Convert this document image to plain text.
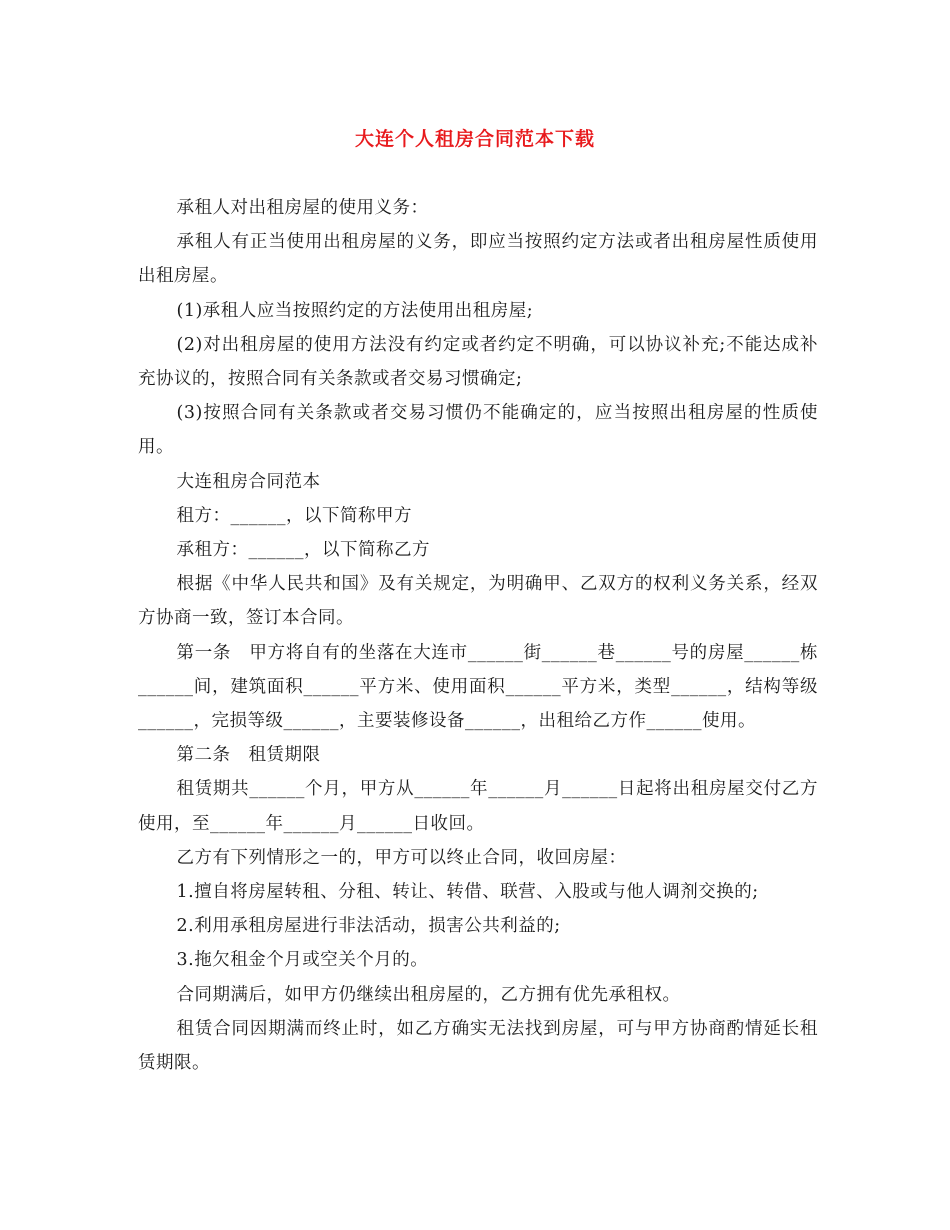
大连个人租房合同范本下载

承租人对出租房屋的使用义务：

承租人有正当使用出租房屋的义务，即应当按照约定方法或者出租房屋性质使用出租房屋。

(1)承租人应当按照约定的方法使用出租房屋;

(2)对出租房屋的使用方法没有约定或者约定不明确，可以协议补充;不能达成补充协议的，按照合同有关条款或者交易习惯确定;

(3)按照合同有关条款或者交易习惯仍不能确定的，应当按照出租房屋的性质使用。

大连租房合同范本

租方：______，以下简称甲方

承租方：______，以下简称乙方

根据《中华人民共和国》及有关规定，为明确甲、乙双方的权利义务关系，经双方协商一致，签订本合同。

第一条　甲方将自有的坐落在大连市______街______巷______号的房屋______栋______间，建筑面积______平方米、使用面积______平方米，类型______，结构等级______，完损等级______，主要装修设备______，出租给乙方作______使用。

第二条　租赁期限

租赁期共______个月，甲方从______年______月______日起将出租房屋交付乙方使用，至______年______月______日收回。

乙方有下列情形之一的，甲方可以终止合同，收回房屋：

1.擅自将房屋转租、分租、转让、转借、联营、入股或与他人调剂交换的;

2.利用承租房屋进行非法活动，损害公共利益的;

3.拖欠租金个月或空关个月的。

合同期满后，如甲方仍继续出租房屋的，乙方拥有优先承租权。

租赁合同因期满而终止时，如乙方确实无法找到房屋，可与甲方协商酌情延长租赁期限。
